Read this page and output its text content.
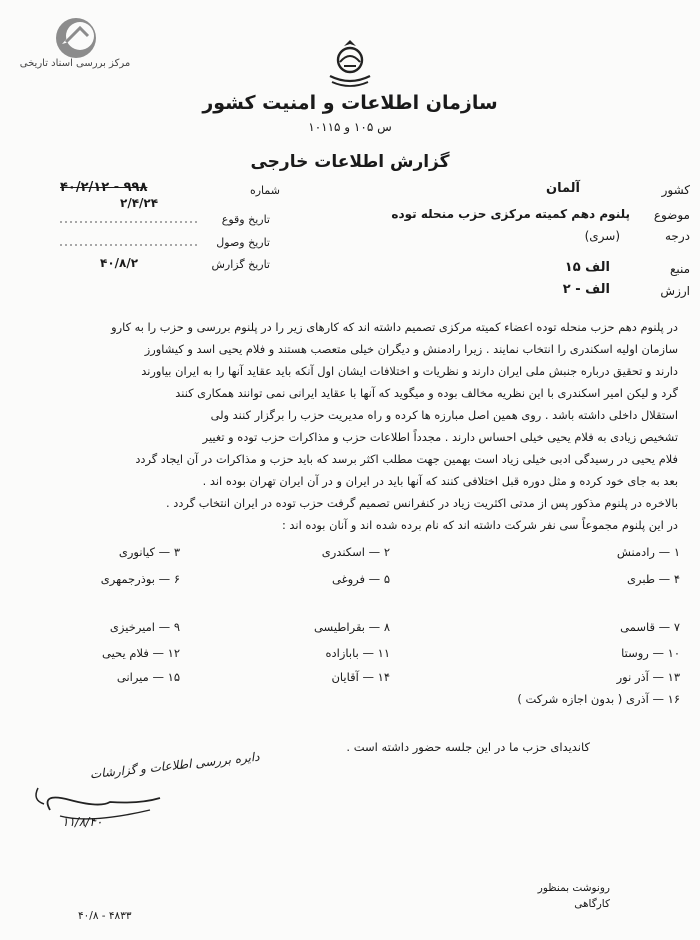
مرکز بررسی اسناد تاریخی
سازمان اطلاعات و امنیت کشور
س ۱۰۵ و ۱۰۱۱۵
گزارش اطلاعات خارجی
کشور
آلمان
موضوع
پلنوم دهم کمیته مرکزی حزب منحله توده
درجه
(سری)
منبع
الف ۱۵
ارزش
الف - ۲
شماره
۴۰/۲/۱۲ - ۹۹۸
۲/۴/۲۴
تاریخ وقوع
تاریخ وصول
تاریخ گزارش
۴۰/۸/۲
در پلنوم دهم حزب منحله توده اعضاء کمیته مرکزی تصمیم داشته اند که کارهای زیر را در پلنوم بررسی و حزب را به کارو
سازمان اولیه اسکندری را انتخاب نمایند . زیرا رادمنش و دیگران خیلی متعصب هستند و فلام یحیی اسد و کیشاورز
دارند و تحقیق درباره جنبش ملی ایران دارند و نظریات و اختلافات ایشان اول آنکه باید عقاید آنها را به ایران بیاورند
گرد و لیکن امیر اسکندری با این نظریه مخالف بوده و میگوید که آنها با عقاید ایرانی نمی توانند همکاری کنند
استقلال داخلی داشته باشد . روی همین اصل مبارزه ها کرده و راه مدیریت حزب را برگزار کنند ولی
تشخیص زیادی به فلام یحیی خیلی احساس دارند . مجدداً اطلاعات حزب و مذاکرات حزب توده و تغییر
فلام یحیی در رسیدگی ادبی خیلی زیاد است بهمین جهت مطلب اکثر برسد که باید حزب و مذاکرات در آن ایجاد گردد
بعد به جای خود کرده و مثل دوره قبل اختلافی کنند که آنها باید در ایران و در آن ایران تهران بوده اند .
بالاخره در پلنوم مذکور پس از مدتی اکثریت زیاد در کنفرانس تصمیم گرفت حزب توده در ایران انتخاب گردد .
در این پلنوم مجموعاً سی نفر شرکت داشته اند که نام برده شده اند و آنان بوده اند :
۱ — رادمنش
۲ — اسکندری
۳ — کیانوری
۴ — طبری
۵ — فروغی
۶ — بوذرجمهری
۷ — قاسمی
۸ — بقراطیسی
۹ — امیرخیزی
۱۰ — روستا
۱۱ — بابازاده
۱۲ — فلام یحیی
۱۳ — آذر نور
۱۴ — آقایان
۱۵ — میرانی
۱۶ — آذری ( بدون اجازه شرکت )
کاندیدای حزب ما در این جلسه حضور داشته است .
دایره بررسی اطلاعات و گزارشات
۱۱/۸/۴۰
رونوشت بمنظور
کارگاهی
۴۰/۸ - ۴۸۳۳
